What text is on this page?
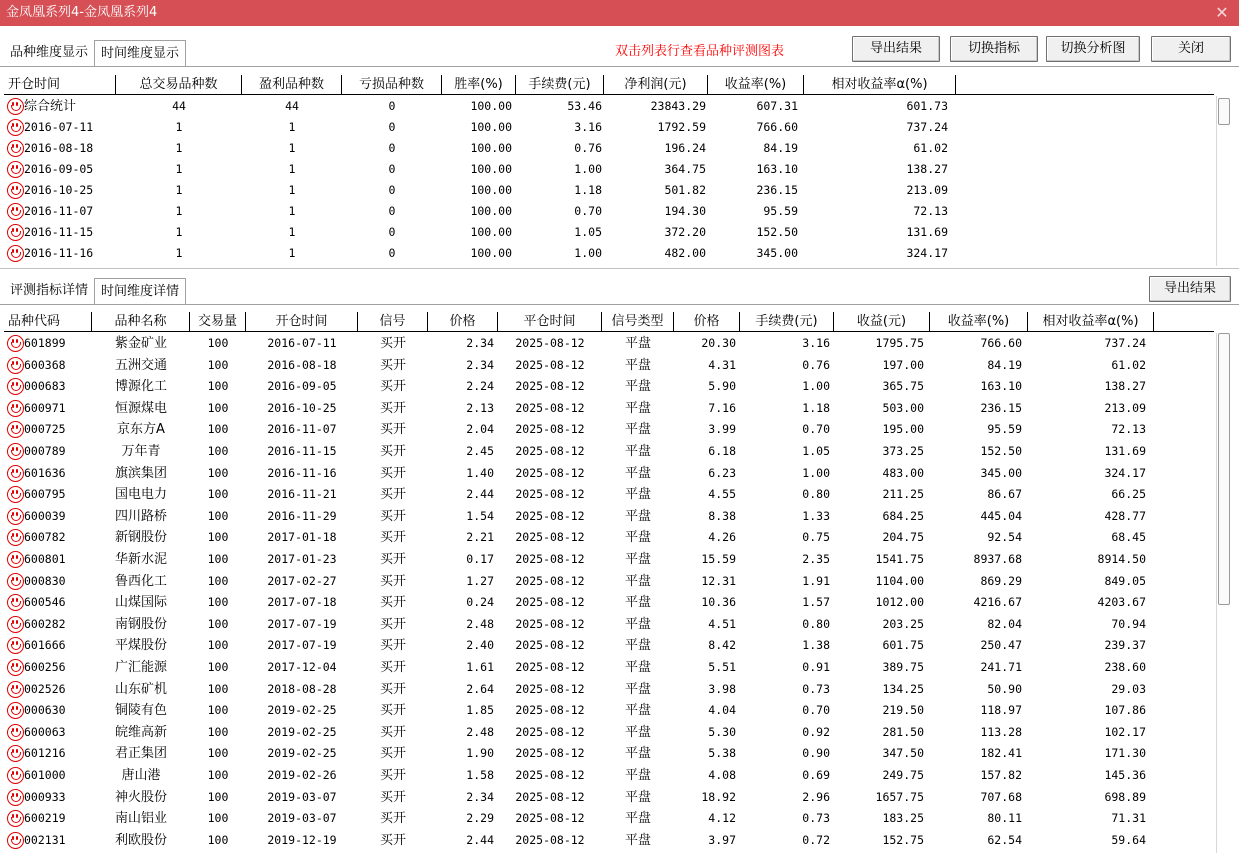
金凤凰系列4-金凤凰系列4	✕
品种维度显示	时间维度显示	双击列表行查看品种评测图表	导出结果	切换指标	切换分析图	关闭
开仓时间	总交易品种数	盈利品种数	亏损品种数	胜率(%)	手续费(元)	净利润(元)	收益率(%)	相对收益率α(%)
综合统计	44	44	0	100.00	53.46	23843.29	607.31	601.73
2016-07-11	1	1	0	100.00	3.16	1792.59	766.60	737.24
2016-08-18	1	1	0	100.00	0.76	196.24	84.19	61.02
2016-09-05	1	1	0	100.00	1.00	364.75	163.10	138.27
2016-10-25	1	1	0	100.00	1.18	501.82	236.15	213.09
2016-11-07	1	1	0	100.00	0.70	194.30	95.59	72.13
2016-11-15	1	1	0	100.00	1.05	372.20	152.50	131.69
2016-11-16	1	1	0	100.00	1.00	482.00	345.00	324.17
评测指标详情	时间维度详情	导出结果
品种代码	品种名称	交易量	开仓时间	信号	价格	平仓时间	信号类型	价格	手续费(元)	收益(元)	收益率(%)	相对收益率α(%)
601899	紫金矿业	100	2016-07-11	买开	2.34	2025-08-12	平盘	20.30	3.16	1795.75	766.60	737.24
600368	五洲交通	100	2016-08-18	买开	2.34	2025-08-12	平盘	4.31	0.76	197.00	84.19	61.02
000683	博源化工	100	2016-09-05	买开	2.24	2025-08-12	平盘	5.90	1.00	365.75	163.10	138.27
600971	恒源煤电	100	2016-10-25	买开	2.13	2025-08-12	平盘	7.16	1.18	503.00	236.15	213.09
000725	京东方A	100	2016-11-07	买开	2.04	2025-08-12	平盘	3.99	0.70	195.00	95.59	72.13
000789	万年青	100	2016-11-15	买开	2.45	2025-08-12	平盘	6.18	1.05	373.25	152.50	131.69
601636	旗滨集团	100	2016-11-16	买开	1.40	2025-08-12	平盘	6.23	1.00	483.00	345.00	324.17
600795	国电电力	100	2016-11-21	买开	2.44	2025-08-12	平盘	4.55	0.80	211.25	86.67	66.25
600039	四川路桥	100	2016-11-29	买开	1.54	2025-08-12	平盘	8.38	1.33	684.25	445.04	428.77
600782	新钢股份	100	2017-01-18	买开	2.21	2025-08-12	平盘	4.26	0.75	204.75	92.54	68.45
600801	华新水泥	100	2017-01-23	买开	0.17	2025-08-12	平盘	15.59	2.35	1541.75	8937.68	8914.50
000830	鲁西化工	100	2017-02-27	买开	1.27	2025-08-12	平盘	12.31	1.91	1104.00	869.29	849.05
600546	山煤国际	100	2017-07-18	买开	0.24	2025-08-12	平盘	10.36	1.57	1012.00	4216.67	4203.67
600282	南钢股份	100	2017-07-19	买开	2.48	2025-08-12	平盘	4.51	0.80	203.25	82.04	70.94
601666	平煤股份	100	2017-07-19	买开	2.40	2025-08-12	平盘	8.42	1.38	601.75	250.47	239.37
600256	广汇能源	100	2017-12-04	买开	1.61	2025-08-12	平盘	5.51	0.91	389.75	241.71	238.60
002526	山东矿机	100	2018-08-28	买开	2.64	2025-08-12	平盘	3.98	0.73	134.25	50.90	29.03
000630	铜陵有色	100	2019-02-25	买开	1.85	2025-08-12	平盘	4.04	0.70	219.50	118.97	107.86
600063	皖维高新	100	2019-02-25	买开	2.48	2025-08-12	平盘	5.30	0.92	281.50	113.28	102.17
601216	君正集团	100	2019-02-25	买开	1.90	2025-08-12	平盘	5.38	0.90	347.50	182.41	171.30
601000	唐山港	100	2019-02-26	买开	1.58	2025-08-12	平盘	4.08	0.69	249.75	157.82	145.36
000933	神火股份	100	2019-03-07	买开	2.34	2025-08-12	平盘	18.92	2.96	1657.75	707.68	698.89
600219	南山铝业	100	2019-03-07	买开	2.29	2025-08-12	平盘	4.12	0.73	183.25	80.11	71.31
002131	利欧股份	100	2019-12-19	买开	2.44	2025-08-12	平盘	3.97	0.72	152.75	62.54	59.64
